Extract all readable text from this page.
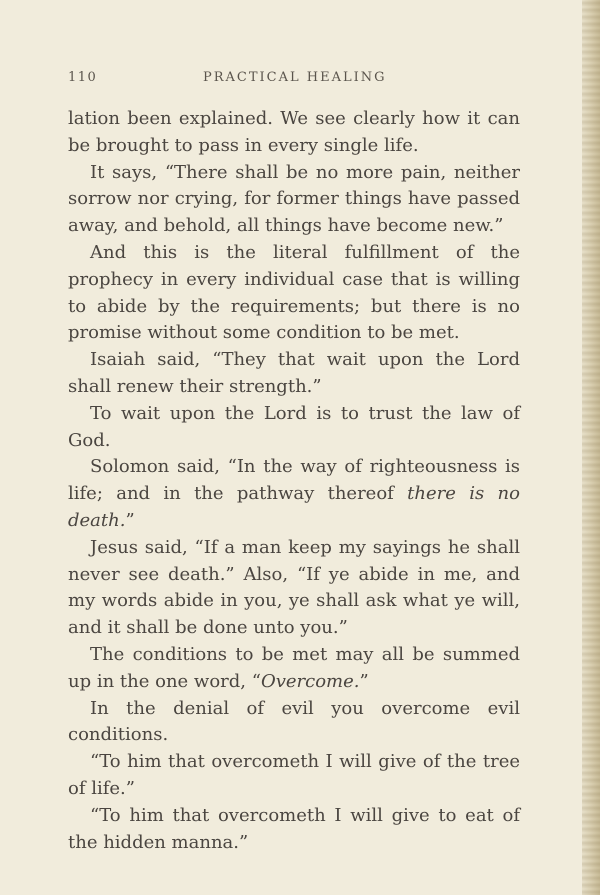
110	PRACTICAL HEALING

lation been explained. We see clearly how it can be brought to pass in every single life.

It says, “There shall be no more pain, neither sorrow nor crying, for former things have passed away, and behold, all things have become new.”

And this is the literal fulfillment of the prophecy in every individual case that is willing to abide by the requirements; but there is no promise without some condition to be met.

Isaiah said, “They that wait upon the Lord shall renew their strength.”

To wait upon the Lord is to trust the law of God.

Solomon said, “In the way of righteousness is life; and in the pathway thereof there is no death.”

Jesus said, “If a man keep my sayings he shall never see death.” Also, “If ye abide in me, and my words abide in you, ye shall ask what ye will, and it shall be done unto you.”

The conditions to be met may all be summed up in the one word, “Overcome.”

In the denial of evil you overcome evil conditions.

“To him that overcometh I will give of the tree of life.”

“To him that overcometh I will give to eat of the hidden manna.”
